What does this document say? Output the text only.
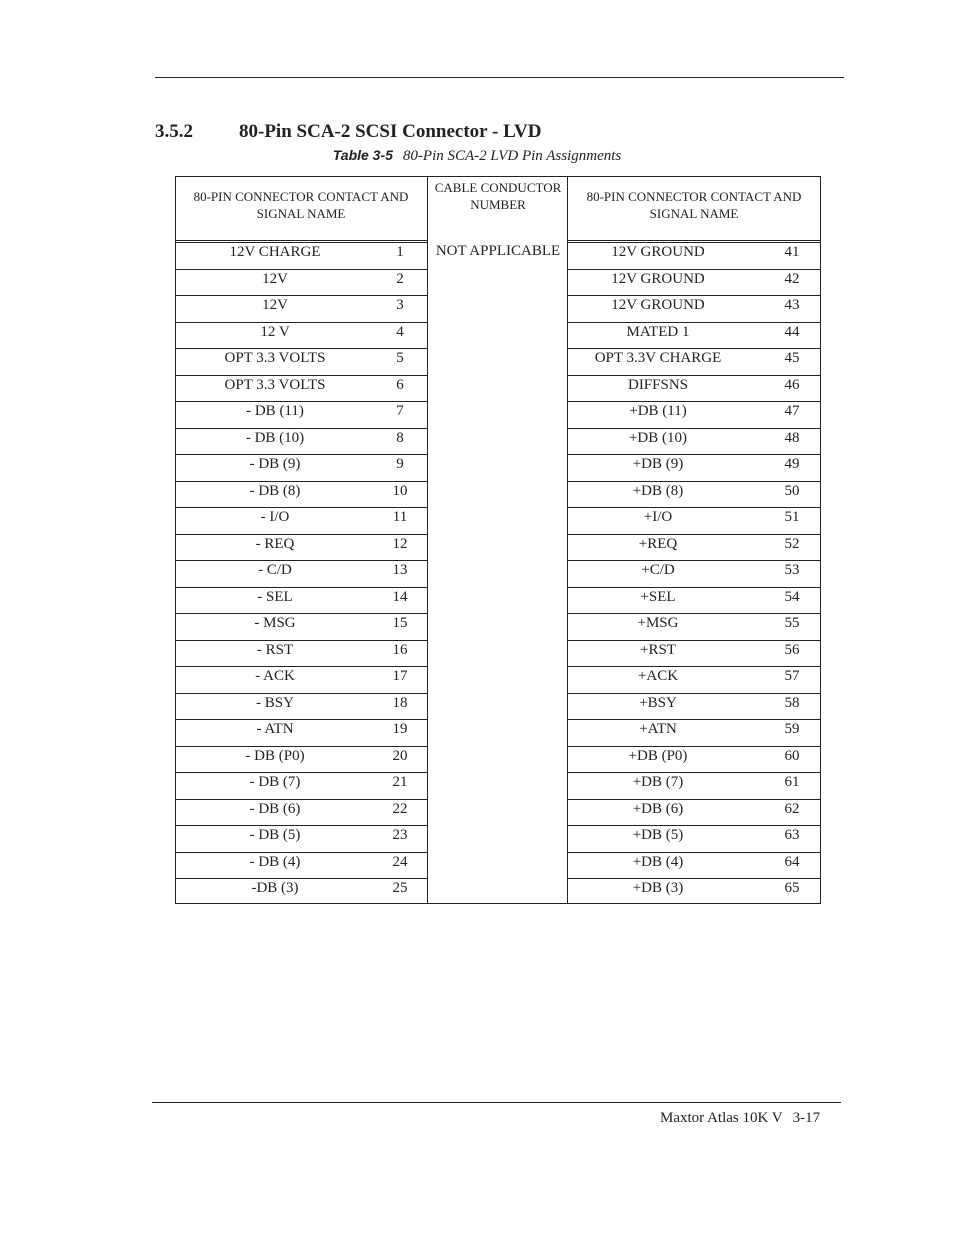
3.5.2 80-Pin SCA-2 SCSI Connector - LVD
Table 3-5 80-Pin SCA-2 LVD Pin Assignments
80-PIN CONNECTOR CONTACT AND SIGNAL NAME
CABLE CONDUCTOR NUMBER
80-PIN CONNECTOR CONTACT AND SIGNAL NAME
NOT APPLICABLE
12V CHARGE	1	12V GROUND	41
12V	2	12V GROUND	42
12V	3	12V GROUND	43
12 V	4	MATED 1	44
OPT 3.3 VOLTS	5	OPT 3.3V CHARGE	45
OPT 3.3 VOLTS	6	DIFFSNS	46
- DB (11)	7	+DB (11)	47
- DB (10)	8	+DB (10)	48
- DB (9)	9	+DB (9)	49
- DB (8)	10	+DB (8)	50
- I/O	11	+I/O	51
- REQ	12	+REQ	52
- C/D	13	+C/D	53
- SEL	14	+SEL	54
- MSG	15	+MSG	55
- RST	16	+RST	56
- ACK	17	+ACK	57
- BSY	18	+BSY	58
- ATN	19	+ATN	59
- DB (P0)	20	+DB (P0)	60
- DB (7)	21	+DB (7)	61
- DB (6)	22	+DB (6)	62
- DB (5)	23	+DB (5)	63
- DB (4)	24	+DB (4)	64
-DB (3)	25	+DB (3)	65
Maxtor Atlas 10K V 3-17
